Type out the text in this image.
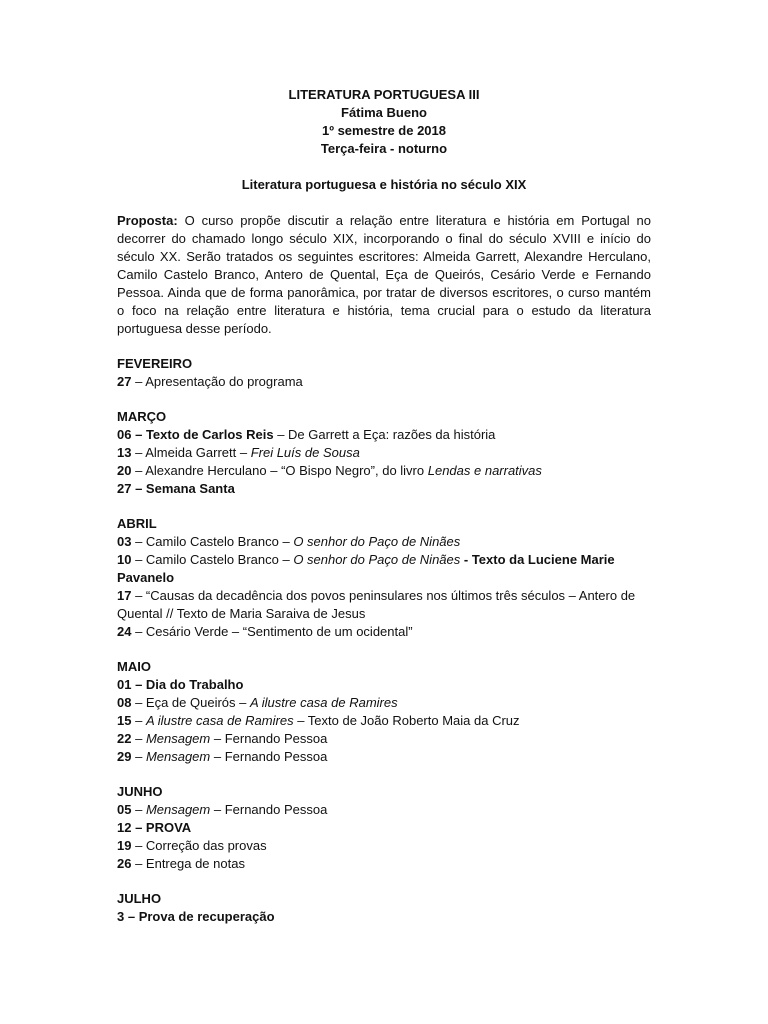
LITERATURA PORTUGUESA III
Fátima Bueno
1º semestre de 2018
Terça-feira - noturno
Literatura portuguesa e história no século XIX
Proposta: O curso propõe discutir a relação entre literatura e história em Portugal no decorrer do chamado longo século XIX, incorporando o final do século XVIII e início do século XX. Serão tratados os seguintes escritores: Almeida Garrett, Alexandre Herculano, Camilo Castelo Branco, Antero de Quental, Eça de Queirós, Cesário Verde e Fernando Pessoa. Ainda que de forma panorâmica, por tratar de diversos escritores, o curso mantém o foco na relação entre literatura e história, tema crucial para o estudo da literatura portuguesa desse período.
FEVEREIRO
27 – Apresentação do programa
MARÇO
06 – Texto de Carlos Reis – De Garrett a Eça: razões da história
13 – Almeida Garrett – Frei Luís de Sousa
20 – Alexandre Herculano – “O Bispo Negro”, do livro Lendas e narrativas
27 – Semana Santa
ABRIL
03 – Camilo Castelo Branco – O senhor do Paço de Ninães
10 – Camilo Castelo Branco – O senhor do Paço de Ninães - Texto da Luciene Marie Pavanelo
17 – “Causas da decadência dos povos peninsulares nos últimos três séculos – Antero de Quental // Texto de Maria Saraiva de Jesus
24 – Cesário Verde – “Sentimento de um ocidental”
MAIO
01 – Dia do Trabalho
08 – Eça de Queirós – A ilustre casa de Ramires
15 – A ilustre casa de Ramires – Texto de João Roberto Maia da Cruz
22 – Mensagem – Fernando Pessoa
29 – Mensagem – Fernando Pessoa
JUNHO
05 – Mensagem – Fernando Pessoa
12 – PROVA
19 – Correção das provas
26 – Entrega de notas
JULHO
3 – Prova de recuperação
